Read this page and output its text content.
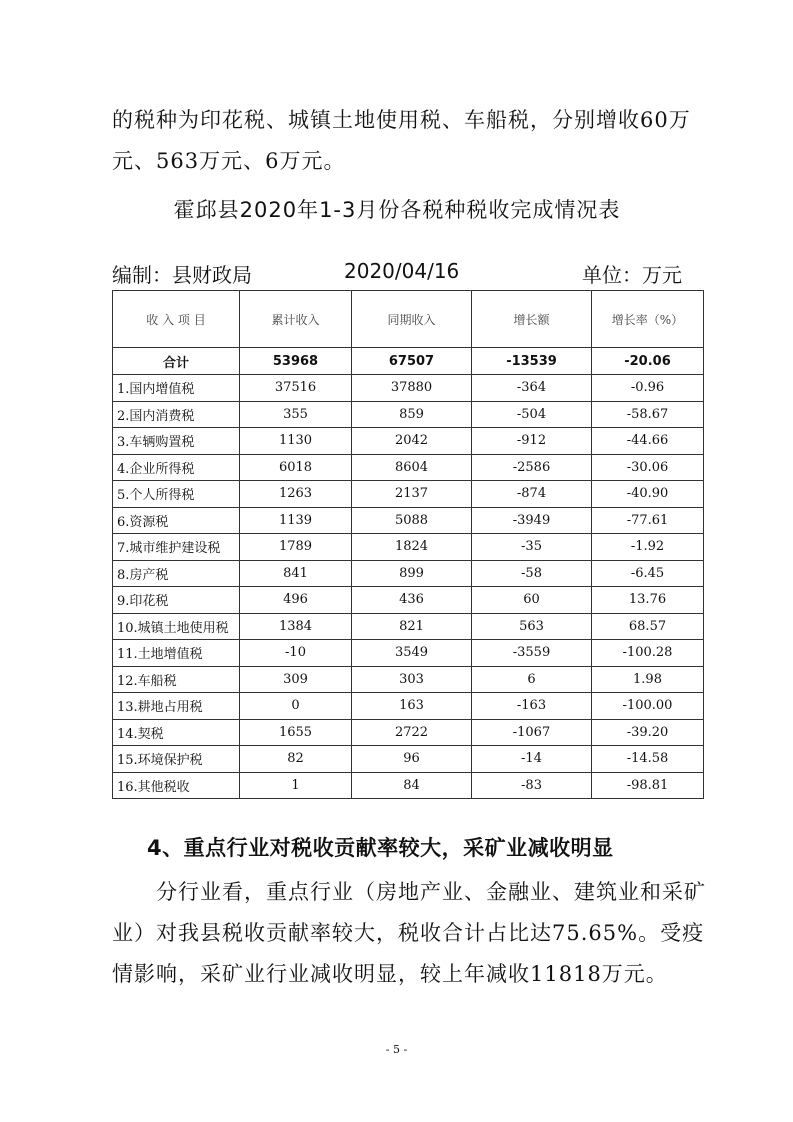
的税种为印花税、城镇土地使用税、车船税，分别增收60万
元、563万元、6万元。

霍邱县2020年1-3月份各税种税收完成情况表
编制：县财政局	2020/04/16	单位：万元
收 入 项 目	累计收入	同期收入	增长额	增长率（%）
合计	53968	67507	-13539	-20.06
1.国内增值税	37516	37880	-364	-0.96
2.国内消费税	355	859	-504	-58.67
3.车辆购置税	1130	2042	-912	-44.66
4.企业所得税	6018	8604	-2586	-30.06
5.个人所得税	1263	2137	-874	-40.90
6.资源税	1139	5088	-3949	-77.61
7.城市维护建设税	1789	1824	-35	-1.92
8.房产税	841	899	-58	-6.45
9.印花税	496	436	60	13.76
10.城镇土地使用税	1384	821	563	68.57
11.土地增值税	-10	3549	-3559	-100.28
12.车船税	309	303	6	1.98
13.耕地占用税	0	163	-163	-100.00
14.契税	1655	2722	-1067	-39.20
15.环境保护税	82	96	-14	-14.58
16.其他税收	1	84	-83	-98.81
4、重点行业对税收贡献率较大，采矿业减收明显

　　分行业看，重点行业（房地产业、金融业、建筑业和采矿
业）对我县税收贡献率较大，税收合计占比达75.65%。受疫
情影响，采矿业行业减收明显，较上年减收11818万元。

- 5 -
